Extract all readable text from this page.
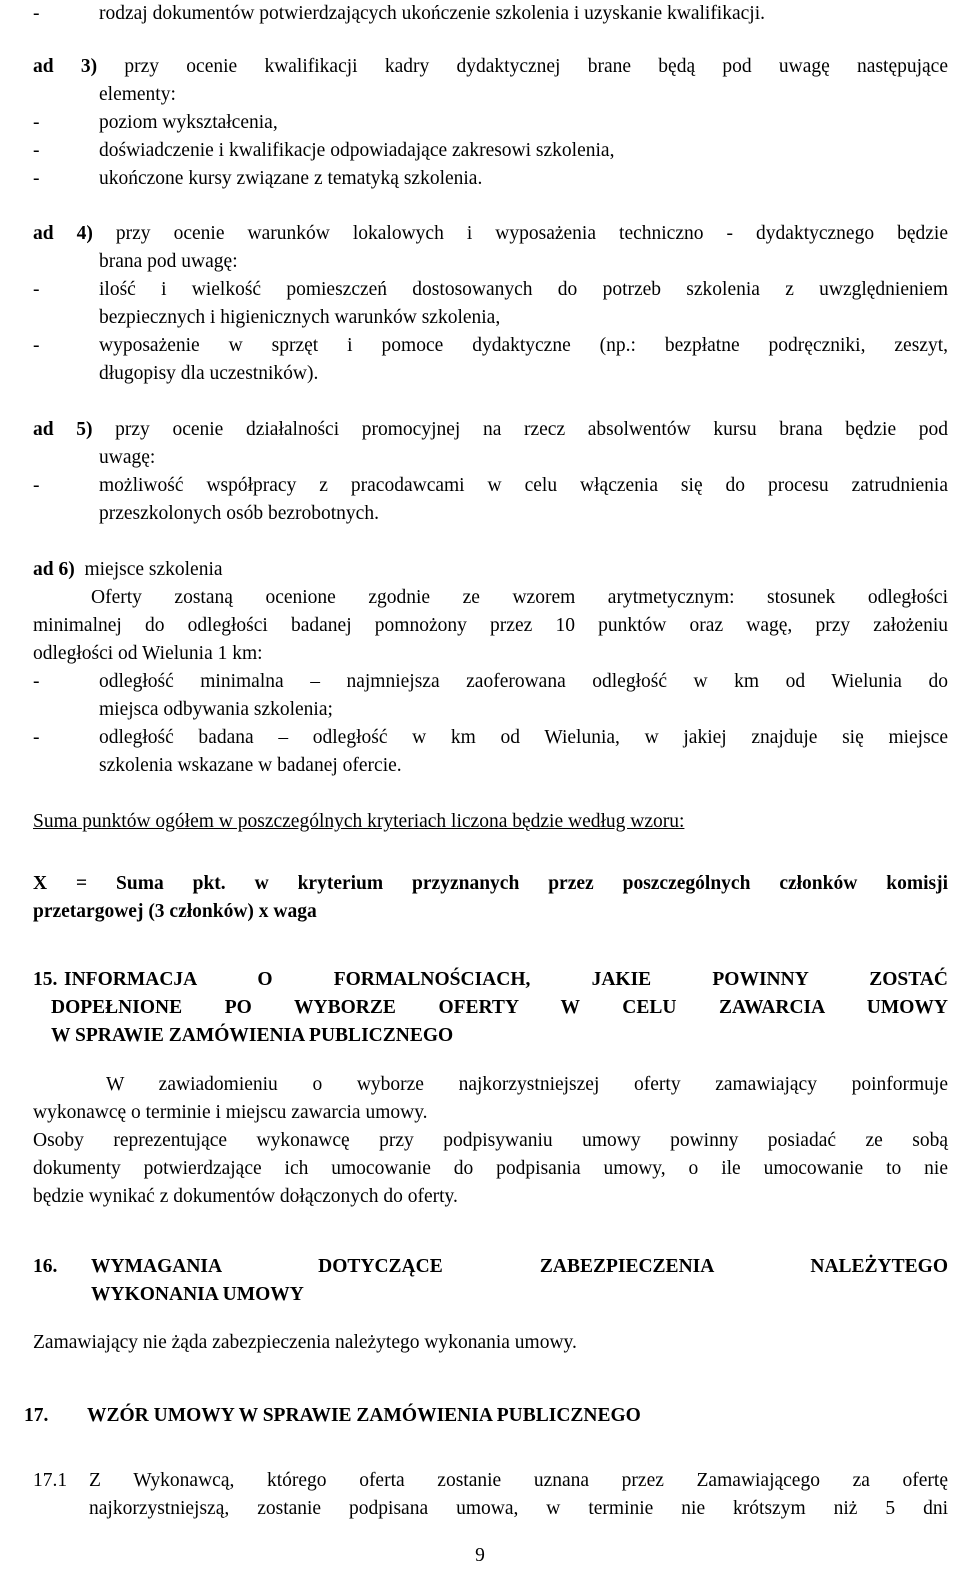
-	rodzaj dokumentów potwierdzających ukończenie szkolenia i uzyskanie kwalifikacji.
ad 3) przy ocenie kwalifikacji kadry dydaktycznej brane będą pod uwagę następujące
elementy:
-	poziom wykształcenia,
-	doświadczenie i kwalifikacje odpowiadające zakresowi szkolenia,
-	ukończone kursy związane z tematyką szkolenia.
ad 4) przy ocenie warunków lokalowych i wyposażenia techniczno - dydaktycznego będzie
brana pod uwagę:
-	ilość i wielkość pomieszczeń dostosowanych do potrzeb szkolenia z uwzględnieniem
bezpiecznych i higienicznych warunków szkolenia,
-	wyposażenie w sprzęt i pomoce dydaktyczne (np.: bezpłatne podręczniki, zeszyt,
długopisy dla uczestników).
ad 5) przy ocenie działalności promocyjnej na rzecz absolwentów kursu brana będzie pod
uwagę:
-	możliwość współpracy z pracodawcami w celu włączenia się do procesu zatrudnienia
przeszkolonych osób bezrobotnych.
ad 6) miejsce szkolenia
Oferty zostaną ocenione zgodnie ze wzorem arytmetycznym: stosunek odległości
minimalnej do odległości badanej pomnożony przez 10 punktów oraz wagę, przy założeniu
odległości od Wielunia 1 km:
-	odległość minimalna – najmniejsza zaoferowana odległość w km od Wielunia do
miejsca odbywania szkolenia;
-	odległość badana – odległość w km od Wielunia, w jakiej znajduje się miejsce
szkolenia wskazane w badanej ofercie.
Suma punktów ogółem w poszczególnych kryteriach liczona będzie według wzoru:
X = Suma pkt. w kryterium przyznanych przez poszczególnych członków komisji
przetargowej (3 członków) x waga
15. INFORMACJA O FORMALNOŚCIACH, JAKIE POWINNY ZOSTAĆ
DOPEŁNIONE PO WYBORZE OFERTY W CELU ZAWARCIA UMOWY
W SPRAWIE ZAMÓWIENIA PUBLICZNEGO
W zawiadomieniu o wyborze najkorzystniejszej oferty zamawiający poinformuje
wykonawcę o terminie i miejscu zawarcia umowy.
Osoby reprezentujące wykonawcę przy podpisywaniu umowy powinny posiadać ze sobą
dokumenty potwierdzające ich umocowanie do podpisania umowy, o ile umocowanie to nie
będzie wynikać z dokumentów dołączonych do oferty.
16.	WYMAGANIA DOTYCZĄCE ZABEZPIECZENIA NALEŻYTEGO
WYKONANIA UMOWY
Zamawiający nie żąda zabezpieczenia należytego wykonania umowy.
17.	WZÓR UMOWY W SPRAWIE ZAMÓWIENIA PUBLICZNEGO
17.1	Z Wykonawcą, którego oferta zostanie uznana przez Zamawiającego za ofertę
najkorzystniejszą, zostanie podpisana umowa, w terminie nie krótszym niż 5 dni
9
